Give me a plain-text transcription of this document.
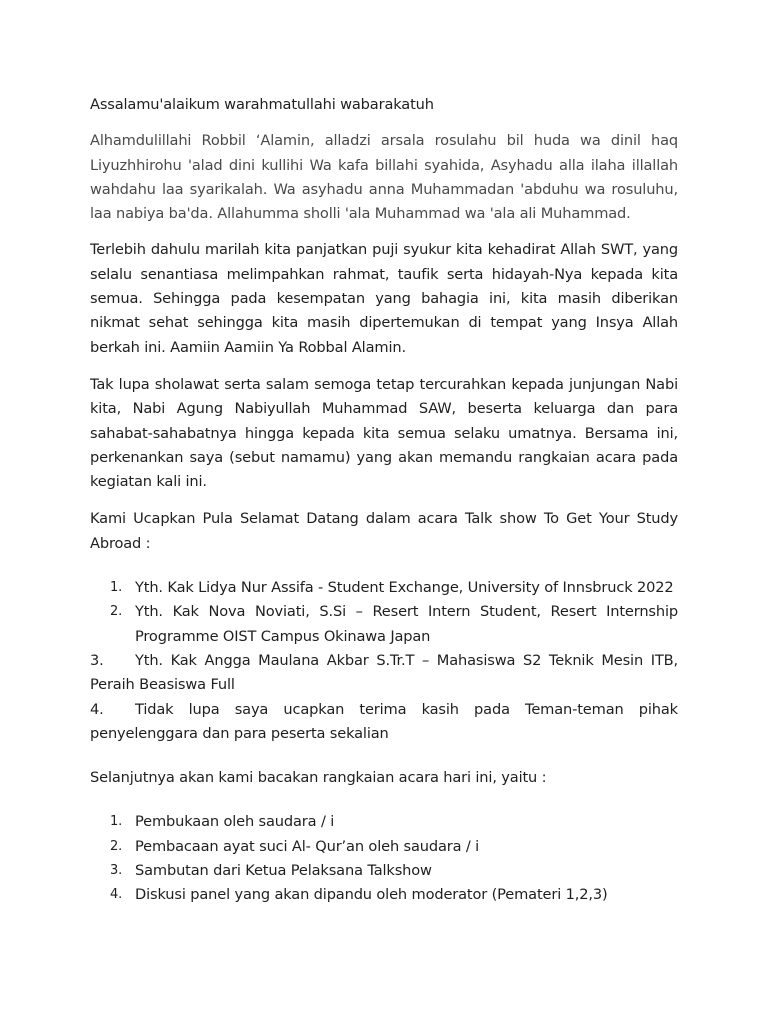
Assalamu'alaikum warahmatullahi wabarakatuh

Alhamdulillahi Robbil ‘Alamin, alladzi arsala rosulahu bil huda wa dinil haq Liyuzhhirohu 'alad dini kullihi Wa kafa billahi syahida, Asyhadu alla ilaha illallah wahdahu laa syarikalah. Wa asyhadu anna Muhammadan 'abduhu wa rosuluhu, laa nabiya ba'da. Allahumma sholli 'ala Muhammad wa 'ala ali Muhammad.

Terlebih dahulu marilah kita panjatkan puji syukur kita kehadirat Allah SWT, yang selalu senantiasa melimpahkan rahmat, taufik serta hidayah-Nya kepada kita semua. Sehingga pada kesempatan yang bahagia ini, kita masih diberikan nikmat sehat sehingga kita masih dipertemukan di tempat yang Insya Allah berkah ini. Aamiin Aamiin Ya Robbal Alamin.

Tak lupa sholawat serta salam semoga tetap tercurahkan kepada junjungan Nabi kita, Nabi Agung Nabiyullah Muhammad SAW, beserta keluarga dan para sahabat-sahabatnya hingga kepada kita semua selaku umatnya. Bersama ini, perkenankan saya (sebut namamu) yang akan memandu rangkaian acara pada kegiatan kali ini.

Kami Ucapkan Pula Selamat Datang dalam acara Talk show To Get Your Study Abroad :

1. Yth. Kak Lidya Nur Assifa - Student Exchange, University of Innsbruck 2022
2. Yth. Kak Nova Noviati, S.Si – Resert Intern Student, Resert Internship Programme OIST Campus Okinawa Japan

3. Yth. Kak Angga Maulana Akbar S.Tr.T – Mahasiswa S2 Teknik Mesin ITB, Peraih Beasiswa Full

4. Tidak lupa saya ucapkan terima kasih pada Teman-teman pihak penyelenggara dan para peserta sekalian

Selanjutnya akan kami bacakan rangkaian acara hari ini, yaitu :

1. Pembukaan oleh saudara / i
2. Pembacaan ayat suci Al- Qur’an oleh saudara / i
3. Sambutan dari Ketua Pelaksana Talkshow
4. Diskusi panel yang akan dipandu oleh moderator (Pemateri 1,2,3)
